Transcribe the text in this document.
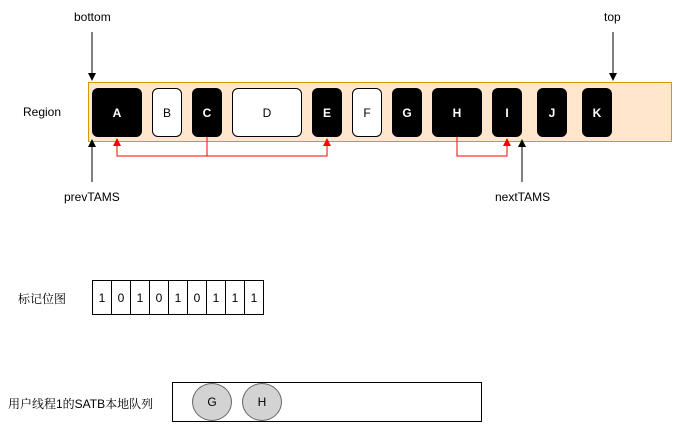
bottom	top
Region
prevTAMS	nextTAMS
A	B	C	D	E	F	G	H	I	J	K
标记位图	1	0	1	0	1	0	1	1	1
用户线程1的SATB本地队列	G	H
